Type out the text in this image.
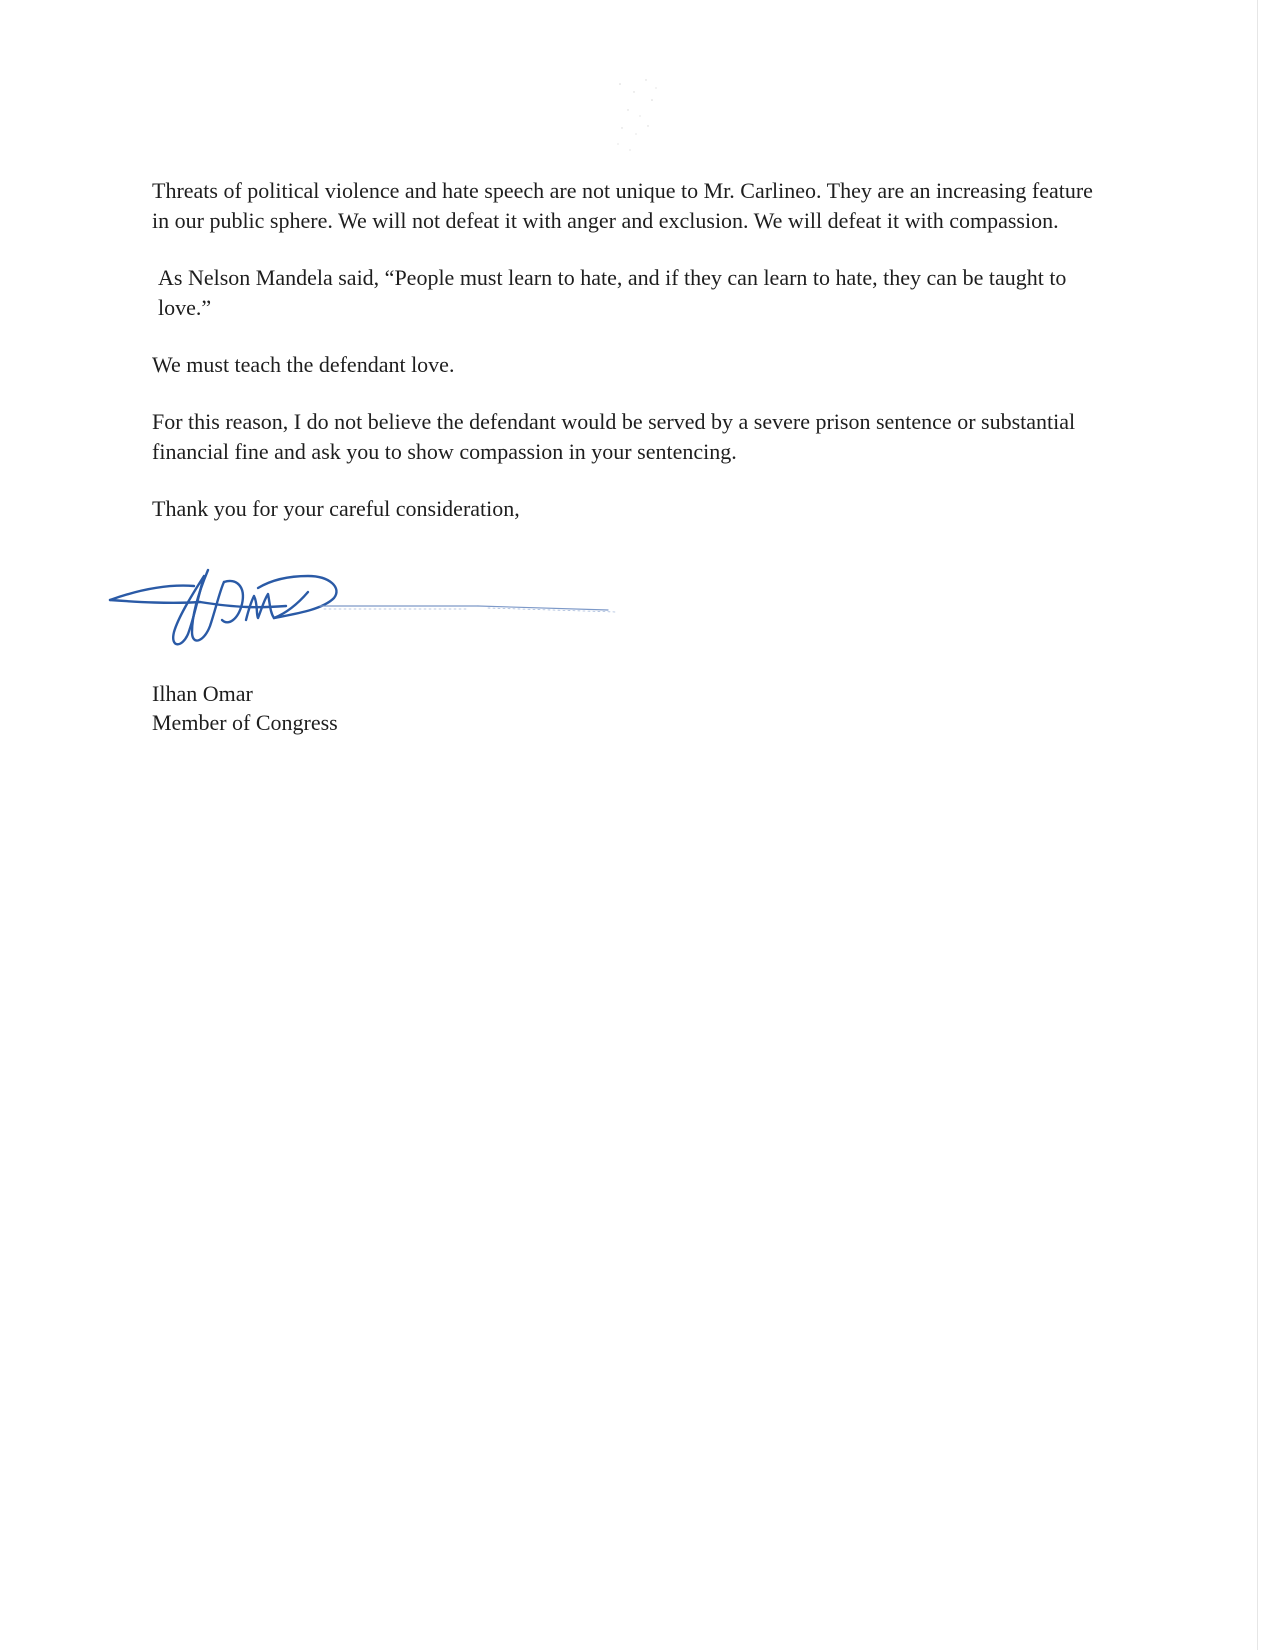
Threats of political violence and hate speech are not unique to Mr. Carlineo. They are an increasing feature in our public sphere. We will not defeat it with anger and exclusion. We will defeat it with compassion.

As Nelson Mandela said, “People must learn to hate, and if they can learn to hate, they can be taught to love.”

We must teach the defendant love.

For this reason, I do not believe the defendant would be served by a severe prison sentence or substantial financial fine and ask you to show compassion in your sentencing.

Thank you for your careful consideration,

Ilhan Omar
Member of Congress
